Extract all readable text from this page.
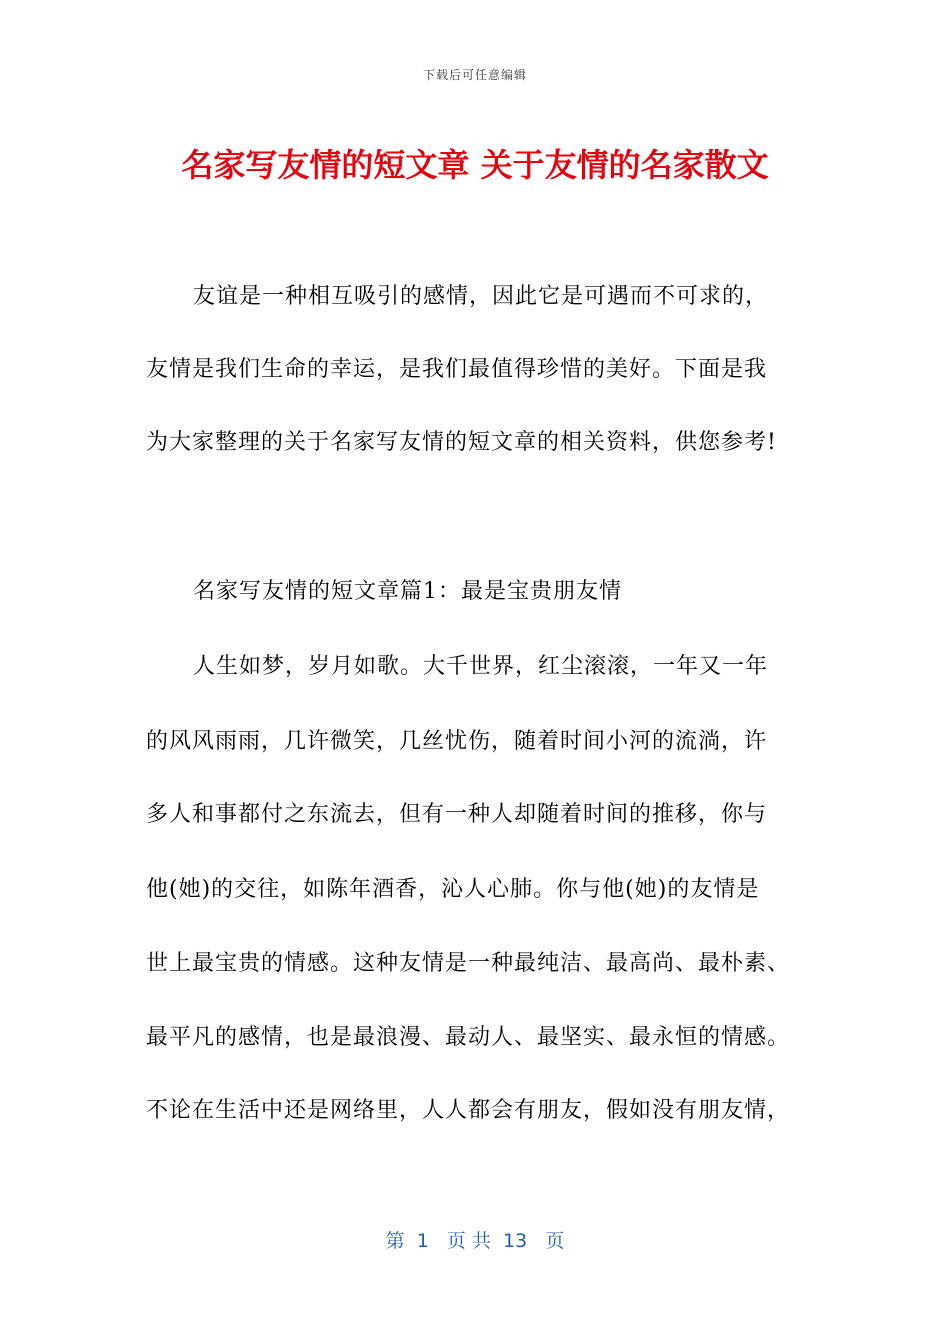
下载后可任意编辑
名家写友情的短文章 关于友情的名家散文
友谊是一种相互吸引的感情，因此它是可遇而不可求的，
友情是我们生命的幸运，是我们最值得珍惜的美好。下面是我
为大家整理的关于名家写友情的短文章的相关资料，供您参考!
名家写友情的短文章篇1：最是宝贵朋友情
人生如梦，岁月如歌。大千世界，红尘滚滚，一年又一年
的风风雨雨，几许微笑，几丝忧伤，随着时间小河的流淌，许
多人和事都付之东流去，但有一种人却随着时间的推移，你与
他(她)的交往，如陈年酒香，沁人心肺。你与他(她)的友情是
世上最宝贵的情感。这种友情是一种最纯洁、最高尚、最朴素、
最平凡的感情，也是最浪漫、最动人、最坚实、最永恒的情感。
不论在生活中还是网络里，人人都会有朋友，假如没有朋友情，
第  1   页 共  13   页
